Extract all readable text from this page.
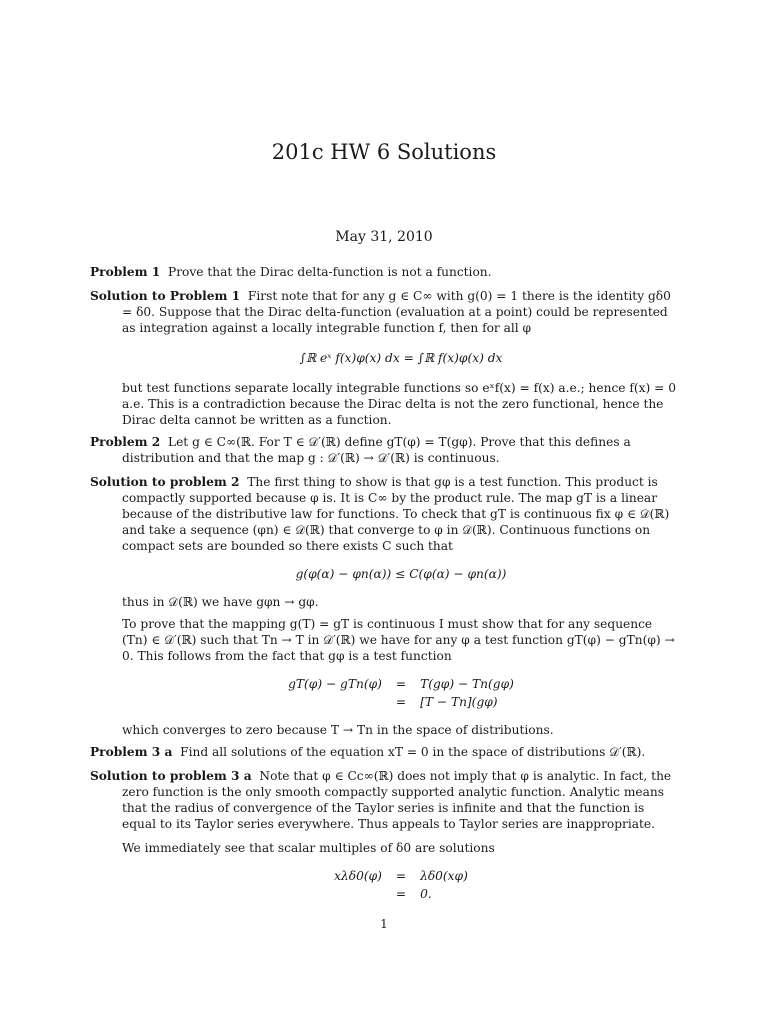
201c HW 6 Solutions
May 31, 2010

Problem 1 Prove that the Dirac delta-function is not a function.

Solution to Problem 1 First note that for any g ∈ C∞ with g(0) = 1 there is the identity gδ0 = δ0. Suppose that the Dirac delta-function (evaluation at a point) could be represented as integration against a locally integrable function f, then for all φ

∫ℝ eˣ f(x)φ(x) dx = ∫ℝ f(x)φ(x) dx

but test functions separate locally integrable functions so eˣf(x) = f(x) a.e.; hence f(x) = 0 a.e. This is a contradiction because the Dirac delta is not the zero functional, hence the Dirac delta cannot be written as a function.

Problem 2 Let g ∈ C∞(ℝ. For T ∈ 𝒟′(ℝ) define gT(φ) = T(gφ). Prove that this defines a distribution and that the map g : 𝒟′(ℝ) → 𝒟′(ℝ) is continuous.

Solution to problem 2 The first thing to show is that gφ is a test function. This product is compactly supported because φ is. It is C∞ by the product rule. The map gT is a linear because of the distributive law for functions. To check that gT is continuous fix φ ∈ 𝒟(ℝ) and take a sequence (φn) ∈ 𝒟(ℝ) that converge to φ in 𝒟(ℝ). Continuous functions on compact sets are bounded so there exists C such that

g(φ(α) − φn(α)) ≤ C(φ(α) − φn(α))

thus in 𝒟(ℝ) we have gφn → gφ.

To prove that the mapping g(T) = gT is continuous I must show that for any sequence (Tn) ∈ 𝒟′(ℝ) such that Tn → T in 𝒟′(ℝ) we have for any φ a test function gT(φ) − gTn(φ) → 0. This follows from the fact that gφ is a test function

gT(φ) − gTn(φ) = T(gφ) − Tn(gφ)
= [T − Tn](gφ)

which converges to zero because T → Tn in the space of distributions.

Problem 3 a Find all solutions of the equation xT = 0 in the space of distributions 𝒟′(ℝ).

Solution to problem 3 a Note that φ ∈ Cc∞(ℝ) does not imply that φ is analytic. In fact, the zero function is the only smooth compactly supported analytic function. Analytic means that the radius of convergence of the Taylor series is infinite and that the function is equal to its Taylor series everywhere. Thus appeals to Taylor series are inappropriate.

We immediately see that scalar multiples of δ0 are solutions

xλδ0(φ) = λδ0(xφ)
= 0.
1
